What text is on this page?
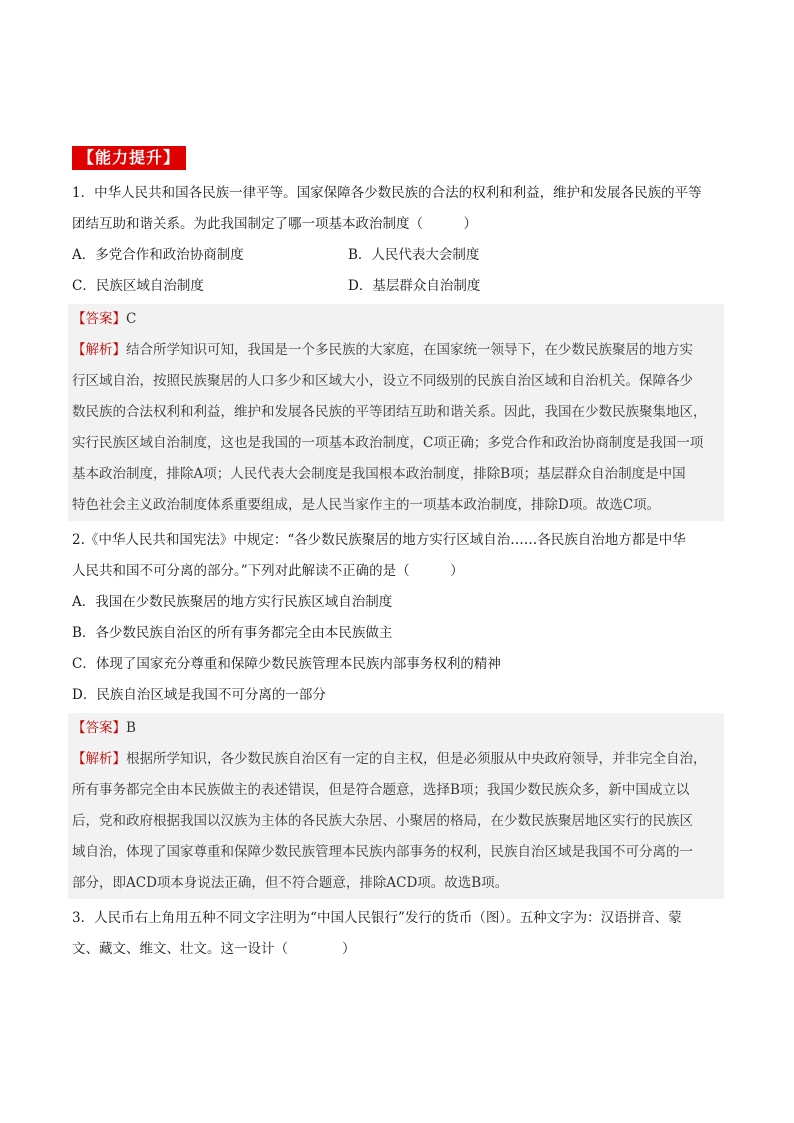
【能力提升】
1．中华人民共和国各民族一律平等。国家保障各少数民族的合法的权利和利益，维护和发展各民族的平等
团结互助和谐关系。为此我国制定了哪一项基本政治制度（　　　）
A．多党合作和政治协商制度	B．人民代表大会制度
C．民族区域自治制度	D．基层群众自治制度
【答案】C
【解析】结合所学知识可知，我国是一个多民族的大家庭，在国家统一领导下，在少数民族聚居的地方实
行区域自治，按照民族聚居的人口多少和区域大小，设立不同级别的民族自治区域和自治机关。保障各少
数民族的合法权利和利益，维护和发展各民族的平等团结互助和谐关系。因此，我国在少数民族聚集地区，
实行民族区域自治制度，这也是我国的一项基本政治制度，C项正确；多党合作和政治协商制度是我国一项
基本政治制度，排除A项；人民代表大会制度是我国根本政治制度，排除B项；基层群众自治制度是中国
特色社会主义政治制度体系重要组成，是人民当家作主的一项基本政治制度，排除D项。故选C项。
2.《中华人民共和国宪法》中规定：“各少数民族聚居的地方实行区域自治……各民族自治地方都是中华
人民共和国不可分离的部分。”下列对此解读不正确的是（　　　）
A．我国在少数民族聚居的地方实行民族区域自治制度
B．各少数民族自治区的所有事务都完全由本民族做主
C．体现了国家充分尊重和保障少数民族管理本民族内部事务权利的精神
D．民族自治区域是我国不可分离的一部分
【答案】B
【解析】根据所学知识，各少数民族自治区有一定的自主权，但是必须服从中央政府领导，并非完全自治，
所有事务都完全由本民族做主的表述错误，但是符合题意，选择B项；我国少数民族众多，新中国成立以
后，党和政府根据我国以汉族为主体的各民族大杂居、小聚居的格局，在少数民族聚居地区实行的民族区
域自治，体现了国家尊重和保障少数民族管理本民族内部事务的权利，民族自治区域是我国不可分离的一
部分，即ACD项本身说法正确，但不符合题意，排除ACD项。故选B项。
3．人民币右上角用五种不同文字注明为“中国人民银行”发行的货币（图）。五种文字为：汉语拼音、蒙
文、藏文、维文、壮文。这一设计（　　　　）
